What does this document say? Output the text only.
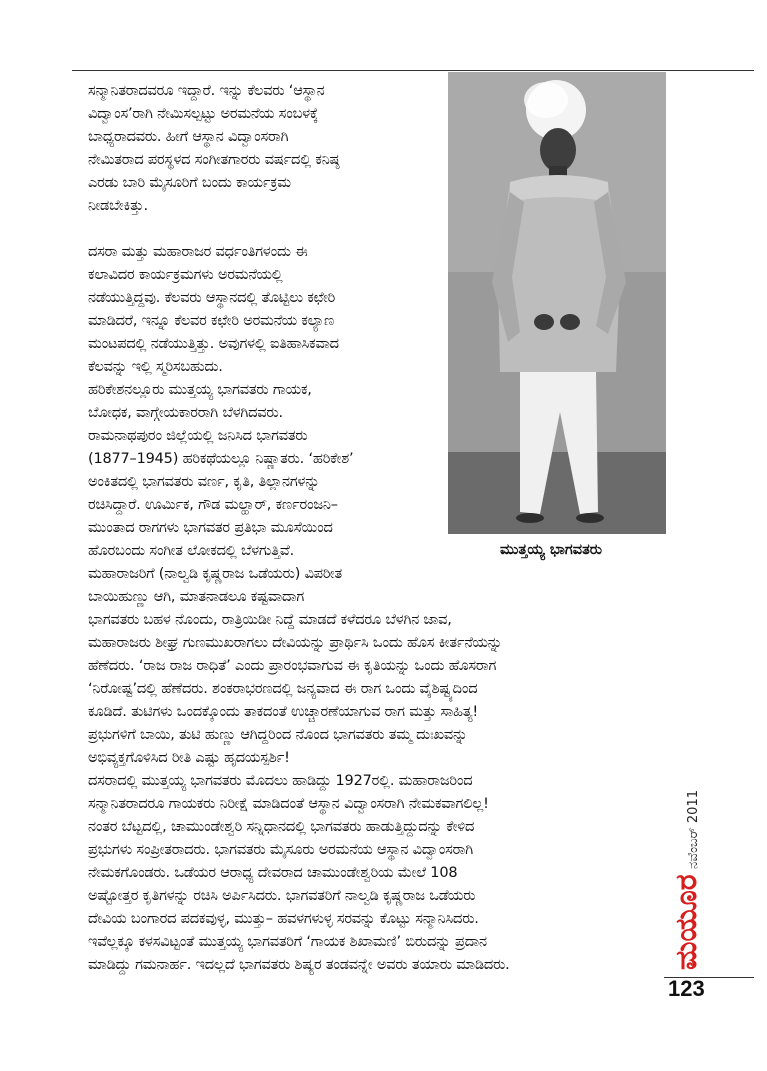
ಸನ್ಮಾನಿತರಾದವರೂ ಇದ್ದಾರೆ. ಇನ್ನು ಕೆಲವರು ‘ಆಸ್ಥಾನ
ವಿದ್ವಾಂಸ’ರಾಗಿ ನೇಮಿಸಲ್ಪಟ್ಟು ಅರಮನೆಯ ಸಂಬಳಕ್ಕೆ
ಬಾಧ್ಯರಾದವರು. ಹೀಗೆ ಆಸ್ಥಾನ ವಿದ್ವಾಂಸರಾಗಿ
ನೇಮಿತರಾದ ಪರಸ್ಥಳದ ಸಂಗೀತಗಾರರು ವರ್ಷದಲ್ಲಿ ಕನಿಷ್ಠ
ಎರಡು ಬಾರಿ ಮೈಸೂರಿಗೆ ಬಂದು ಕಾರ್ಯಕ್ರಮ
ನೀಡಬೇಕಿತ್ತು.

ದಸರಾ ಮತ್ತು ಮಹಾರಾಜರ ವರ್ಧಂತಿಗಳಂದು ಈ
ಕಲಾವಿದರ ಕಾರ್ಯಕ್ರಮಗಳು ಅರಮನೆಯಲ್ಲಿ
ನಡೆಯುತ್ತಿದ್ದವು. ಕೆಲವರು ಆಸ್ಥಾನದಲ್ಲಿ ತೊಟ್ಟಿಲು ಕಛೇರಿ
ಮಾಡಿದರೆ, ಇನ್ನೂ ಕೆಲವರ ಕಛೇರಿ ಅರಮನೆಯ ಕಲ್ಯಾಣ
ಮಂಟಪದಲ್ಲಿ ನಡೆಯುತ್ತಿತ್ತು. ಅವುಗಳಲ್ಲಿ ಐತಿಹಾಸಿಕವಾದ
ಕೆಲವನ್ನು ಇಲ್ಲಿ ಸ್ಮರಿಸಬಹುದು.

ಹರಿಕೇಶನಲ್ಲೂರು ಮುತ್ತಯ್ಯ ಭಾಗವತರು ಗಾಯಕ,
ಬೋಧಕ, ವಾಗ್ಗೇಯಕಾರರಾಗಿ ಬೆಳಗಿದವರು.
ರಾಮನಾಥಪುರಂ ಜಿಲ್ಲೆಯಲ್ಲಿ ಜನಿಸಿದ ಭಾಗವತರು
(1877–1945) ಹರಿಕಥೆಯಲ್ಲೂ ನಿಷ್ಣಾತರು. ‘ಹರಿಕೇಶ’
ಅಂಕಿತದಲ್ಲಿ ಭಾಗವತರು ವರ್ಣ, ಕೃತಿ, ತಿಲ್ಲಾನಗಳನ್ನು
ರಚಿಸಿದ್ದಾರೆ. ಊರ್ಮಿಕ, ಗೌಡ ಮಲ್ಹಾರ್, ಕರ್ಣರಂಜನಿ–
ಮುಂತಾದ ರಾಗಗಳು ಭಾಗವತರ ಪ್ರತಿಭಾ ಮೂಸೆಯಿಂದ
ಹೊರಬಂದು ಸಂಗೀತ ಲೋಕದಲ್ಲಿ ಬೆಳಗುತ್ತಿವೆ.
ಮಹಾರಾಜರಿಗೆ (ನಾಲ್ವಡಿ ಕೃಷ್ಣರಾಜ ಒಡೆಯರು) ವಿಪರೀತ
ಬಾಯಿಹುಣ್ಣು ಆಗಿ, ಮಾತನಾಡಲೂ ಕಷ್ಟವಾದಾಗ
ಭಾಗವತರು ಬಹಳ ನೊಂದು, ರಾತ್ರಿಯಿಡೀ ನಿದ್ದೆ ಮಾಡದೆ ಕಳೆದರೂ ಬೆಳಗಿನ ಜಾವ,
ಮಹಾರಾಜರು ಶೀಘ್ರ ಗುಣಮುಖರಾಗಲು ದೇವಿಯನ್ನು ಪ್ರಾರ್ಥಿಸಿ ಒಂದು ಹೊಸ ಕೀರ್ತನೆಯನ್ನು
ಹೆಣೆದರು. ‘ರಾಜ ರಾಜ ರಾಧಿತೆ’ ಎಂದು ಪ್ರಾರಂಭವಾಗುವ ಈ ಕೃತಿಯನ್ನು ಒಂದು ಹೊಸರಾಗ
‘ನಿರೋಷ್ಟ’ದಲ್ಲಿ ಹೆಣೆದರು. ಶಂಕರಾಭರಣದಲ್ಲಿ ಜನ್ಯವಾದ ಈ ರಾಗ ಒಂದು ವೈಶಿಷ್ಟ್ಯದಿಂದ
ಕೂಡಿದೆ. ತುಟಿಗಳು ಒಂದಕ್ಕೊಂದು ತಾಕದಂತೆ ಉಚ್ಚಾರಣೆಯಾಗುವ ರಾಗ ಮತ್ತು ಸಾಹಿತ್ಯ!
ಪ್ರಭುಗಳಿಗೆ ಬಾಯಿ, ತುಟಿ ಹುಣ್ಣು ಆಗಿದ್ದರಿಂದ ನೊಂದ ಭಾಗವತರು ತಮ್ಮ ದುಃಖವನ್ನು
ಅಭಿವ್ಯಕ್ತಗೊಳಿಸಿದ ರೀತಿ ಎಷ್ಟು ಹೃದಯಸ್ಪರ್ಶಿ!

ದಸರಾದಲ್ಲಿ ಮುತ್ತಯ್ಯ ಭಾಗವತರು ಮೊದಲು ಹಾಡಿದ್ದು 1927ರಲ್ಲಿ. ಮಹಾರಾಜರಿಂದ
ಸನ್ಮಾನಿತರಾದರೂ ಗಾಯಕರು ನಿರೀಕ್ಷೆ ಮಾಡಿದಂತೆ ಆಸ್ಥಾನ ವಿದ್ವಾಂಸರಾಗಿ ನೇಮಕವಾಗಲಿಲ್ಲ!
ನಂತರ ಬೆಟ್ಟದಲ್ಲಿ, ಚಾಮುಂಡೇಶ್ವರಿ ಸನ್ನಿಧಾನದಲ್ಲಿ ಭಾಗವತರು ಹಾಡುತ್ತಿದ್ದುದನ್ನು ಕೇಳಿದ
ಪ್ರಭುಗಳು ಸಂಪ್ರೀತರಾದರು. ಭಾಗವತರು ಮೈಸೂರು ಅರಮನೆಯ ಆಸ್ಥಾನ ವಿದ್ವಾಂಸರಾಗಿ
ನೇಮಕಗೊಂಡರು. ಒಡೆಯರ ಆರಾಧ್ಯ ದೇವರಾದ ಚಾಮುಂಡೇಶ್ವರಿಯ ಮೇಲೆ 108
ಅಷ್ಟೋತ್ತರ ಕೃತಿಗಳನ್ನು ರಚಿಸಿ ಅರ್ಪಿಸಿದರು. ಭಾಗವತರಿಗೆ ನಾಲ್ವಡಿ ಕೃಷ್ಣರಾಜ ಒಡೆಯರು
ದೇವಿಯ ಬಂಗಾರದ ಪದಕವುಳ್ಳ, ಮುತ್ತು– ಹವಳಗಳುಳ್ಳ ಸರವನ್ನು ಕೊಟ್ಟು ಸನ್ಮಾನಿಸಿದರು.
ಇವೆಲ್ಲಕ್ಕೂ ಕಳಸವಿಟ್ಟಂತೆ ಮುತ್ತಯ್ಯ ಭಾಗವತರಿಗೆ ‘ಗಾಯಕ ಶಿಖಾಮಣಿ’ ಬಿರುದನ್ನು ಪ್ರದಾನ
ಮಾಡಿದ್ದು ಗಮನಾರ್ಹ. ಇದಲ್ಲದೆ ಭಾಗವತರು ಶಿಷ್ಯರ ತಂಡವನ್ನೇ ಅವರು ತಯಾರು ಮಾಡಿದರು.

ಮುತ್ತಯ್ಯ ಭಾಗವತರು
ನವೆಂಬರ್ 2011
ಮಯೂರ
123
